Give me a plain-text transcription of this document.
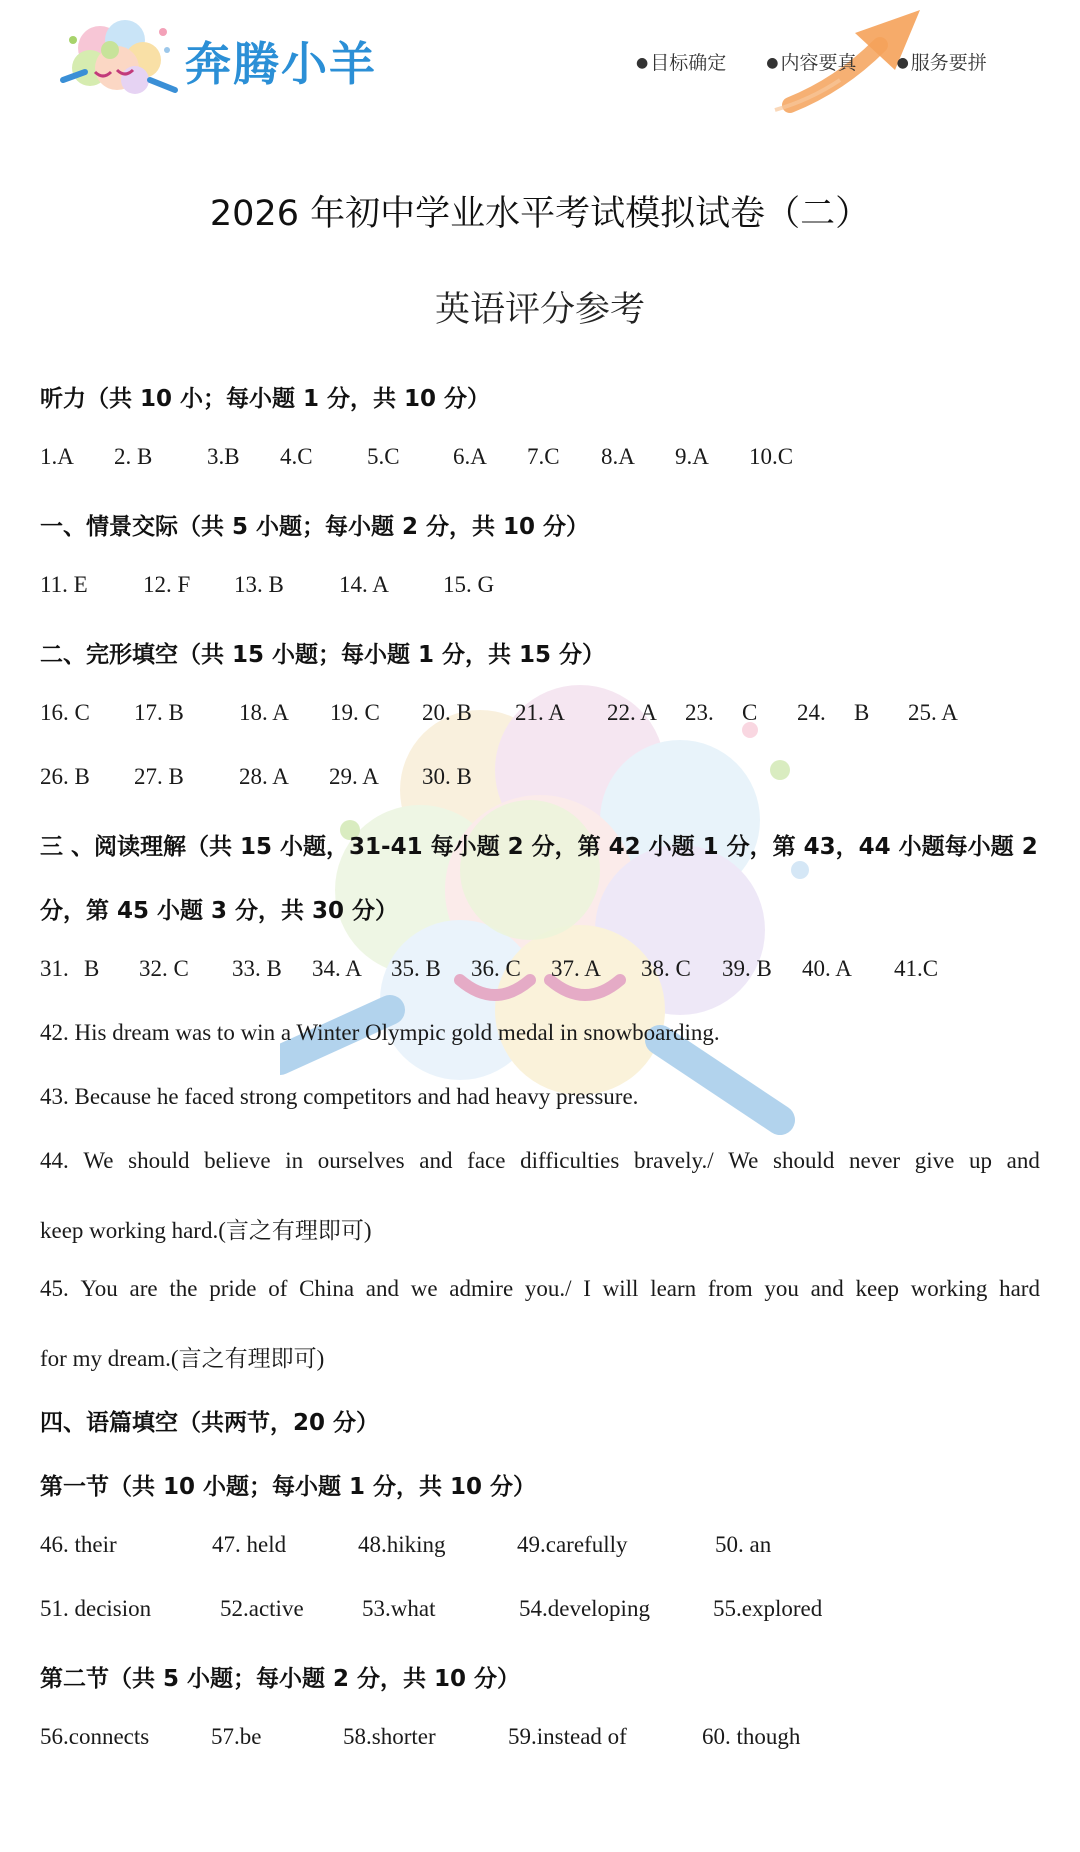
奔腾小羊	● 目标确定	● 内容要真	● 服务要拼
2026 年初中学业水平考试模拟试卷（二）
英语评分参考
听力（共 10 小；每小题 1 分，共 10 分）
1.A 2. B 3.B 4.C 5.C 6.A 7.C 8.A 9.A 10.C
一、情景交际（共 5 小题；每小题 2 分，共 10 分）
11. E 12. F 13. B 14. A 15. G
二、完形填空（共 15 小题；每小题 1 分，共 15 分）
16. C 17. B 18. A 19. C 20. B 21. A 22. A 23. C 24. B 25. A
26. B 27. B 28. A 29. A 30. B
三 、阅读理解（共 15 小题，31-41 每小题 2 分，第 42 小题 1 分，第 43，44 小题每小题 2
分，第 45 小题 3 分，共 30 分）
31. B 32. C 33. B 34. A 35. B 36. C 37. A 38. C 39. B 40. A 41.C
42. His dream was to win a Winter Olympic gold medal in snowboarding.
43. Because he faced strong competitors and had heavy pressure.
44. We should believe in ourselves and face difficulties bravely./ We should never give up and
keep working hard.(言之有理即可)
45. You are the pride of China and we admire you./ I will learn from you and keep working hard
for my dream.(言之有理即可)
四、语篇填空（共两节，20 分）
第一节（共 10 小题；每小题 1 分，共 10 分）
46. their	47. held	48.hiking	49.carefully	50. an
51. decision	52.active	53.what	54.developing	55.explored
第二节（共 5 小题；每小题 2 分，共 10 分）
56.connects	57.be	58.shorter	59.instead of	60. though
